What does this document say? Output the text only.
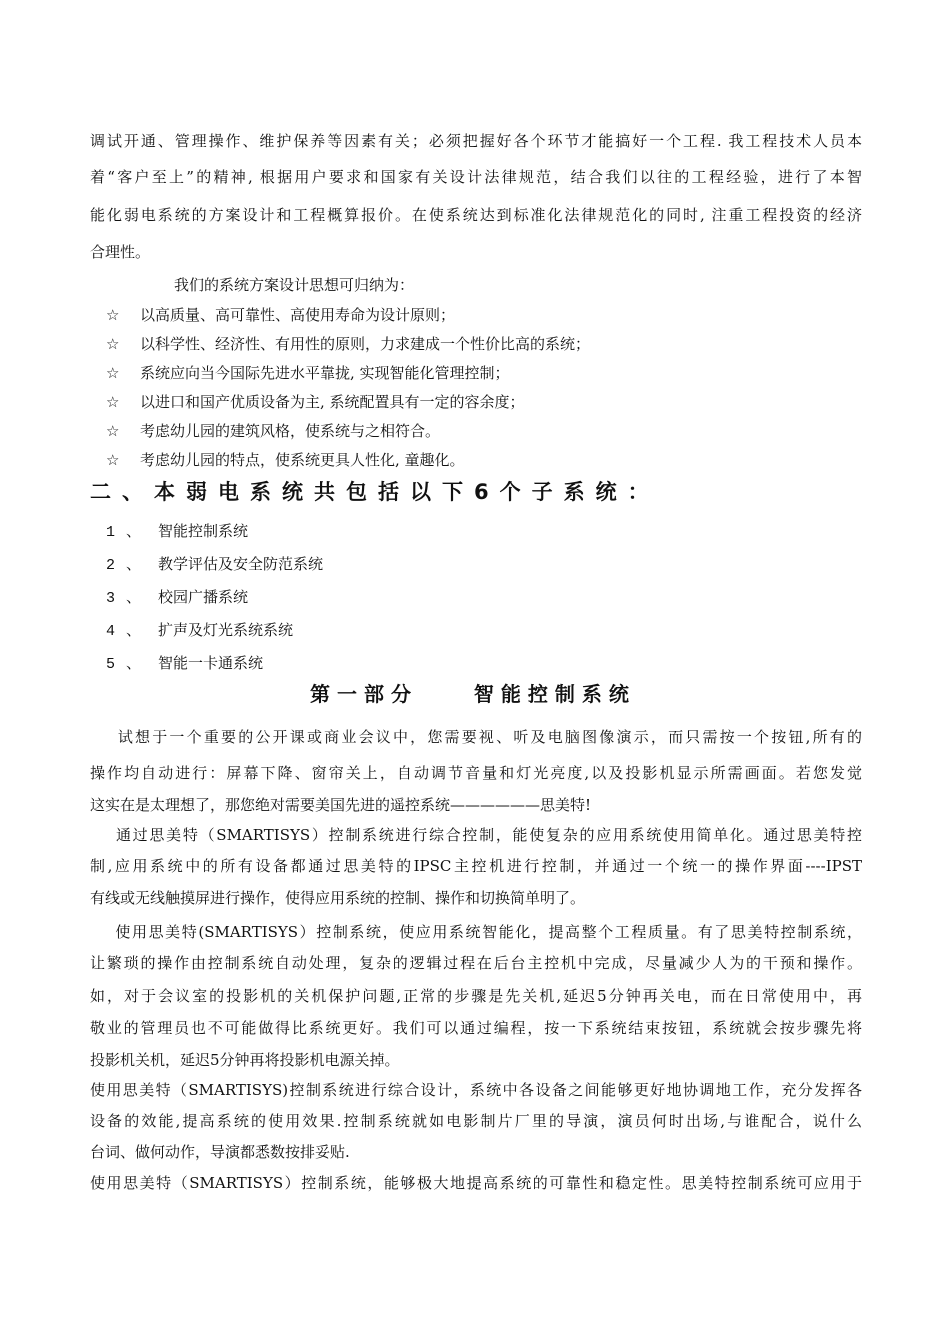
调试开通、管理操作、维护保养等因素有关；必须把握好各个环节才能搞好一个工程. 我工程技术人员本
着“客户至上”的精神, 根据用户要求和国家有关设计法律规范，结合我们以往的工程经验，进行了本智
能化弱电系统的方案设计和工程概算报价。在使系统达到标准化法律规范化的同时, 注重工程投资的经济
合理性。
我们的系统方案设计思想可归纳为：
☆ 以高质量、高可靠性、高使用寿命为设计原则；
☆ 以科学性、经济性、有用性的原则，力求建成一个性价比高的系统；
☆ 系统应向当今国际先进水平靠拢, 实现智能化管理控制；
☆ 以进口和国产优质设备为主, 系统配置具有一定的容余度；
☆ 考虑幼儿园的建筑风格，使系统与之相符合。
☆ 考虑幼儿园的特点，使系统更具人性化, 童趣化。
二、本弱电系统共包括以下6个子系统：
1 、 智能控制系统
2 、 教学评估及安全防范系统
3 、 校园广播系统
4 、 扩声及灯光系统系统
5 、 智能一卡通系统
第一部分    智能控制系统
试想于一个重要的公开课或商业会议中，您需要视、听及电脑图像演示，而只需按一个按钮,所有的
操作均自动进行：屏幕下降、窗帘关上，自动调节音量和灯光亮度,以及投影机显示所需画面。若您发觉
这实在是太理想了，那您绝对需要美国先进的遥控系统——————思美特!
通过思美特（SMARTISYS）控制系统进行综合控制，能使复杂的应用系统使用简单化。通过思美特控
制,应用系统中的所有设备都通过思美特的IPSC主控机进行控制，并通过一个统一的操作界面----IPST
有线或无线触摸屏进行操作，使得应用系统的控制、操作和切换简单明了。
使用思美特(SMARTISYS）控制系统，使应用系统智能化，提高整个工程质量。有了思美特控制系统，
让繁琐的操作由控制系统自动处理，复杂的逻辑过程在后台主控机中完成，尽量减少人为的干预和操作。
如，对于会议室的投影机的关机保护问题,正常的步骤是先关机,延迟5分钟再关电，而在日常使用中，再
敬业的管理员也不可能做得比系统更好。我们可以通过编程，按一下系统结束按钮，系统就会按步骤先将
投影机关机，延迟5分钟再将投影机电源关掉。
使用思美特（SMARTISYS)控制系统进行综合设计，系统中各设备之间能够更好地协调地工作，充分发挥各
设备的效能,提高系统的使用效果.控制系统就如电影制片厂里的导演，演员何时出场,与谁配合，说什么
台词、做何动作，导演都悉数按排妥贴.
使用思美特（SMARTISYS）控制系统，能够极大地提高系统的可靠性和稳定性。思美特控制系统可应用于
